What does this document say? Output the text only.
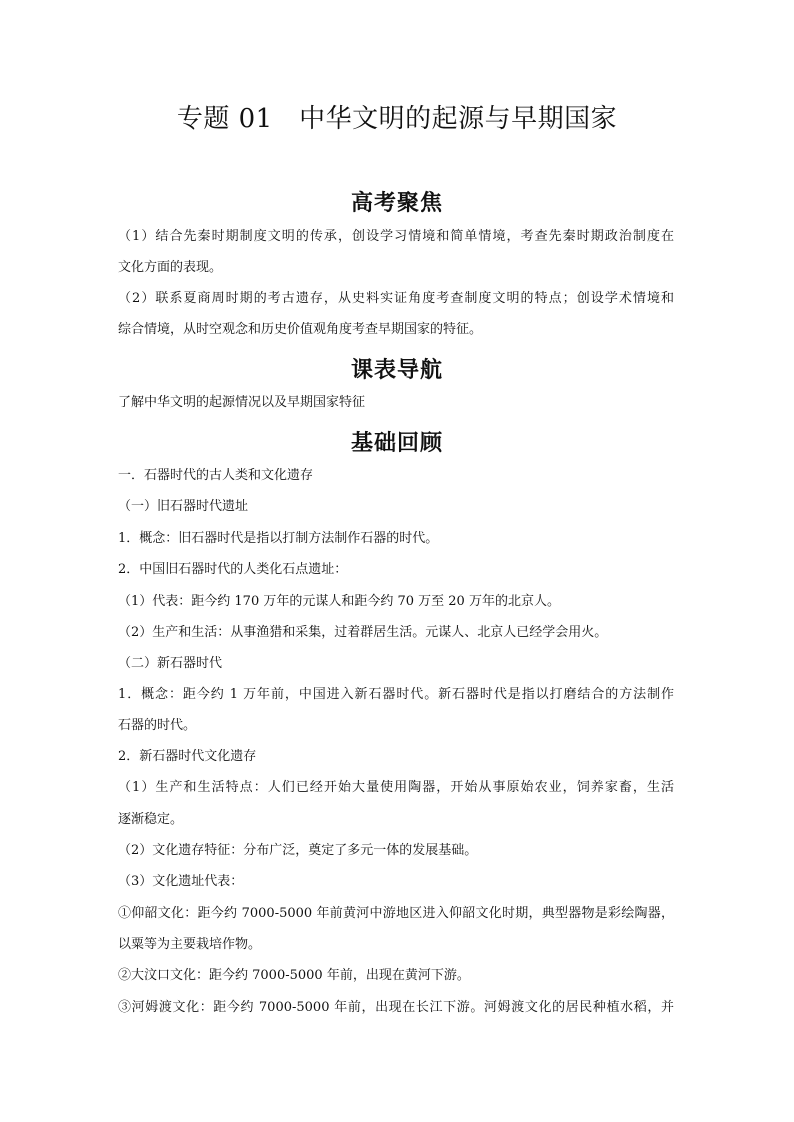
专题 01　中华文明的起源与早期国家
高考聚焦
（1）结合先秦时期制度文明的传承，创设学习情境和简单情境，考查先秦时期政治制度在
文化方面的表现。
（2）联系夏商周时期的考古遗存，从史料实证角度考查制度文明的特点；创设学术情境和
综合情境，从时空观念和历史价值观角度考查早期国家的特征。
课表导航
了解中华文明的起源情况以及早期国家特征
基础回顾
一．石器时代的古人类和文化遗存
（一）旧石器时代遗址
1．概念：旧石器时代是指以打制方法制作石器的时代。
2．中国旧石器时代的人类化石点遗址：
（1）代表：距今约 170 万年的元谋人和距今约 70 万至 20 万年的北京人。
（2）生产和生活：从事渔猎和采集，过着群居生活。元谋人、北京人已经学会用火。
（二）新石器时代
1．概念：距今约 1 万年前，中国进入新石器时代。新石器时代是指以打磨结合的方法制作
石器的时代。
2．新石器时代文化遗存
（1）生产和生活特点：人们已经开始大量使用陶器，开始从事原始农业，饲养家畜，生活
逐渐稳定。
（2）文化遗存特征：分布广泛，奠定了多元一体的发展基础。
（3）文化遗址代表：
①仰韶文化：距今约 7000-5000 年前黄河中游地区进入仰韶文化时期，典型器物是彩绘陶器，
以粟等为主要栽培作物。
②大汶口文化：距今约 7000-5000 年前，出现在黄河下游。
③河姆渡文化：距今约 7000-5000 年前，出现在长江下游。河姆渡文化的居民种植水稻，并
